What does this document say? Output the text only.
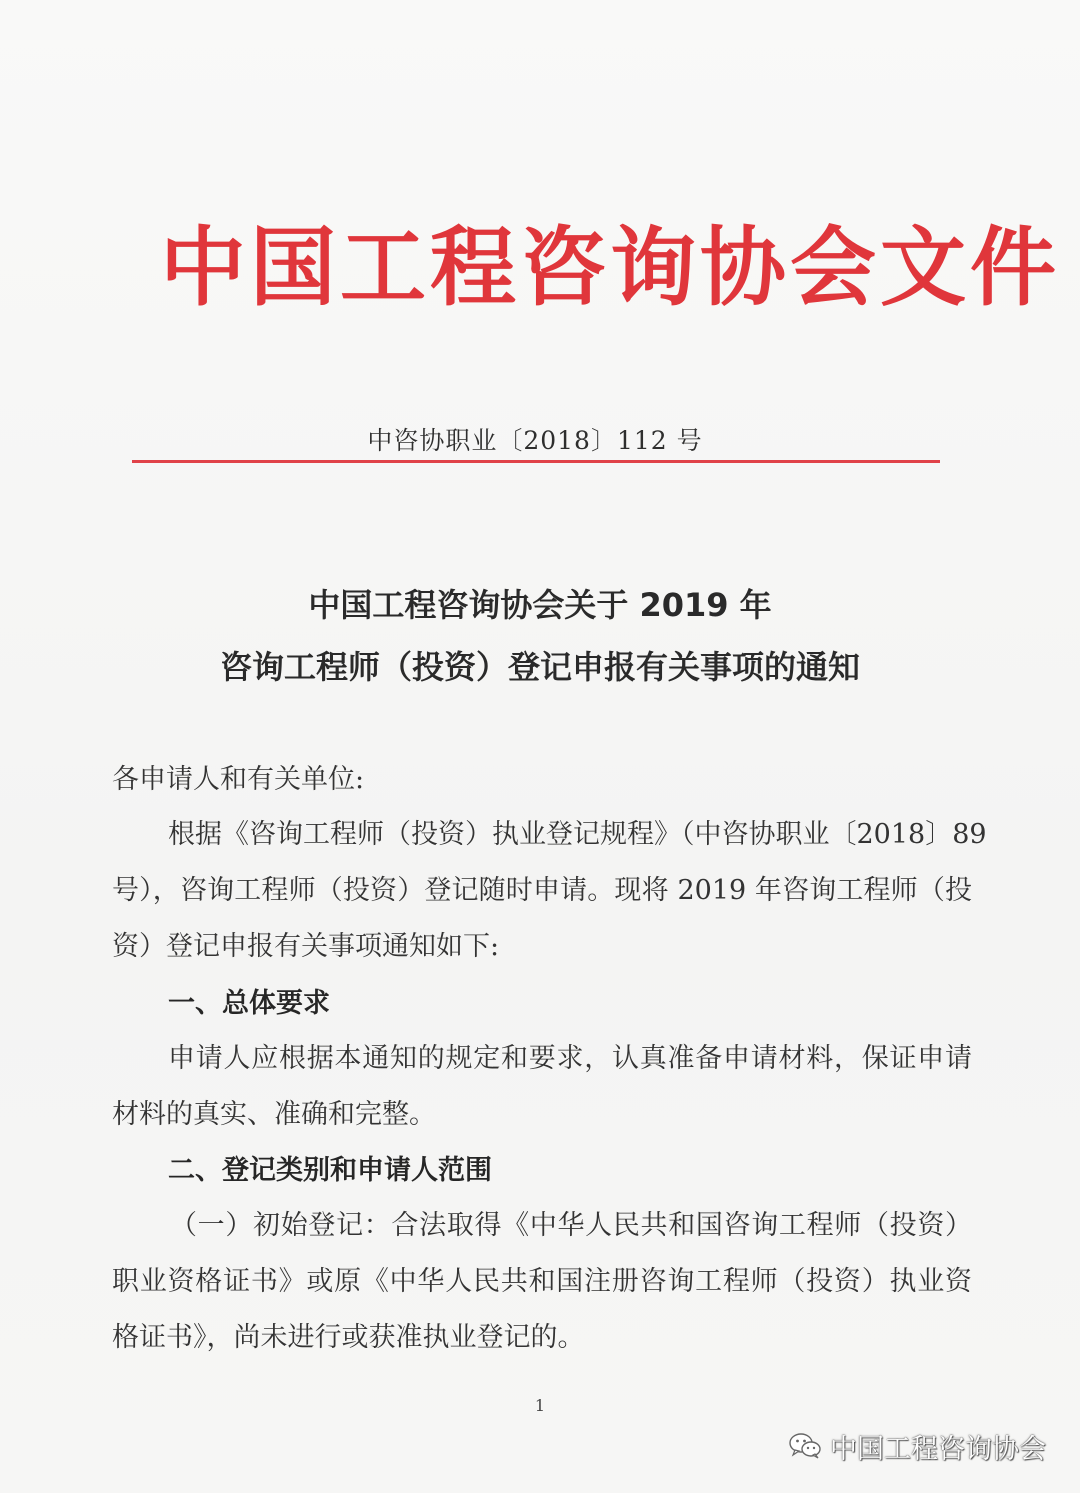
中国工程咨询协会文件
中咨协职业〔2018〕112 号
中国工程咨询协会关于 2019 年
咨询工程师（投资）登记申报有关事项的通知
各申请人和有关单位:
根据《咨询工程师（投资）执业登记规程》（中咨协职业〔2018〕89
号），咨询工程师（投资）登记随时申请。现将 2019 年咨询工程师（投
资）登记申报有关事项通知如下:
一、总体要求
申请人应根据本通知的规定和要求，认真准备申请材料，保证申请
材料的真实、准确和完整。
二、登记类别和申请人范围
（一）初始登记：合法取得《中华人民共和国咨询工程师（投资）
职业资格证书》或原《中华人民共和国注册咨询工程师（投资）执业资
格证书》，尚未进行或获准执业登记的。
1
中国工程咨询协会
